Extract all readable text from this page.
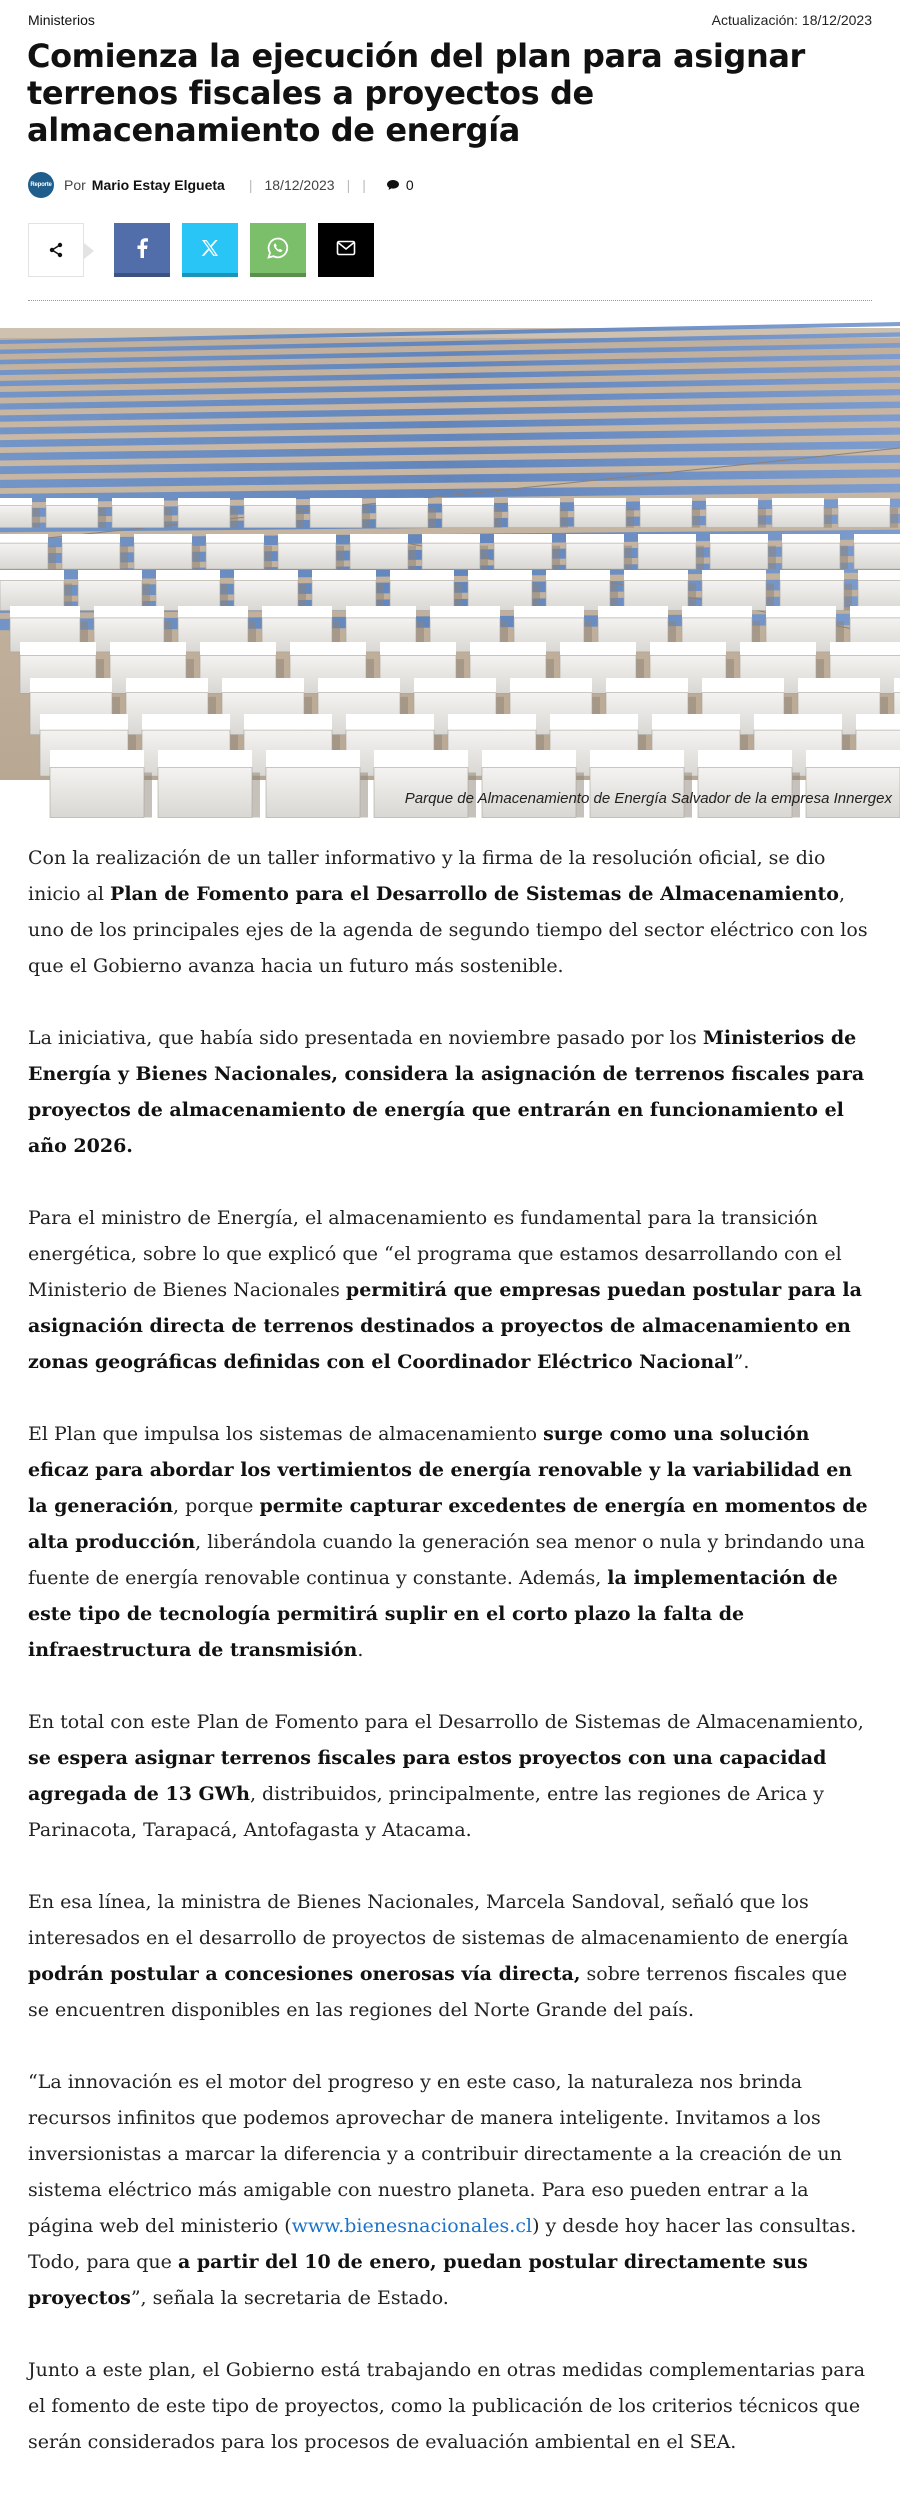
Ministerios	Actualización: 18/12/2023
Comienza la ejecución del plan para asignar terrenos fiscales a proyectos de almacenamiento de energía
Reporte Por Mario Estay Elgueta | 18/12/2023 | |	0
Parque de Almacenamiento de Energía Salvador de la empresa Innergex

Con la realización de un taller informativo y la firma de la resolución oficial, se dio inicio al Plan de Fomento para el Desarrollo de Sistemas de Almacenamiento, uno de los principales ejes de la agenda de segundo tiempo del sector eléctrico con los que el Gobierno avanza hacia un futuro más sostenible.

La iniciativa, que había sido presentada en noviembre pasado por los Ministerios de Energía y Bienes Nacionales, considera la asignación de terrenos fiscales para proyectos de almacenamiento de energía que entrarán en funcionamiento el año 2026.

Para el ministro de Energía, el almacenamiento es fundamental para la transición energética, sobre lo que explicó que “el programa que estamos desarrollando con el Ministerio de Bienes Nacionales permitirá que empresas puedan postular para la asignación directa de terrenos destinados a proyectos de almacenamiento en zonas geográficas definidas con el Coordinador Eléctrico Nacional”.

El Plan que impulsa los sistemas de almacenamiento surge como una solución eficaz para abordar los vertimientos de energía renovable y la variabilidad en la generación, porque permite capturar excedentes de energía en momentos de alta producción, liberándola cuando la generación sea menor o nula y brindando una fuente de energía renovable continua y constante. Además, la implementación de este tipo de tecnología permitirá suplir en el corto plazo la falta de infraestructura de transmisión.

En total con este Plan de Fomento para el Desarrollo de Sistemas de Almacenamiento, se espera asignar terrenos fiscales para estos proyectos con una capacidad agregada de 13 GWh, distribuidos, principalmente, entre las regiones de Arica y Parinacota, Tarapacá, Antofagasta y Atacama.

En esa línea, la ministra de Bienes Nacionales, Marcela Sandoval, señaló que los interesados en el desarrollo de proyectos de sistemas de almacenamiento de energía podrán postular a concesiones onerosas vía directa, sobre terrenos fiscales que se encuentren disponibles en las regiones del Norte Grande del país.

“La innovación es el motor del progreso y en este caso, la naturaleza nos brinda recursos infinitos que podemos aprovechar de manera inteligente. Invitamos a los inversionistas a marcar la diferencia y a contribuir directamente a la creación de un sistema eléctrico más amigable con nuestro planeta. Para eso pueden entrar a la página web del ministerio (www.bienesnacionales.cl) y desde hoy hacer las consultas. Todo, para que a partir del 10 de enero, puedan postular directamente sus proyectos”, señala la secretaria de Estado.

Junto a este plan, el Gobierno está trabajando en otras medidas complementarias para el fomento de este tipo de proyectos, como la publicación de los criterios técnicos que serán considerados para los procesos de evaluación ambiental en el SEA.
